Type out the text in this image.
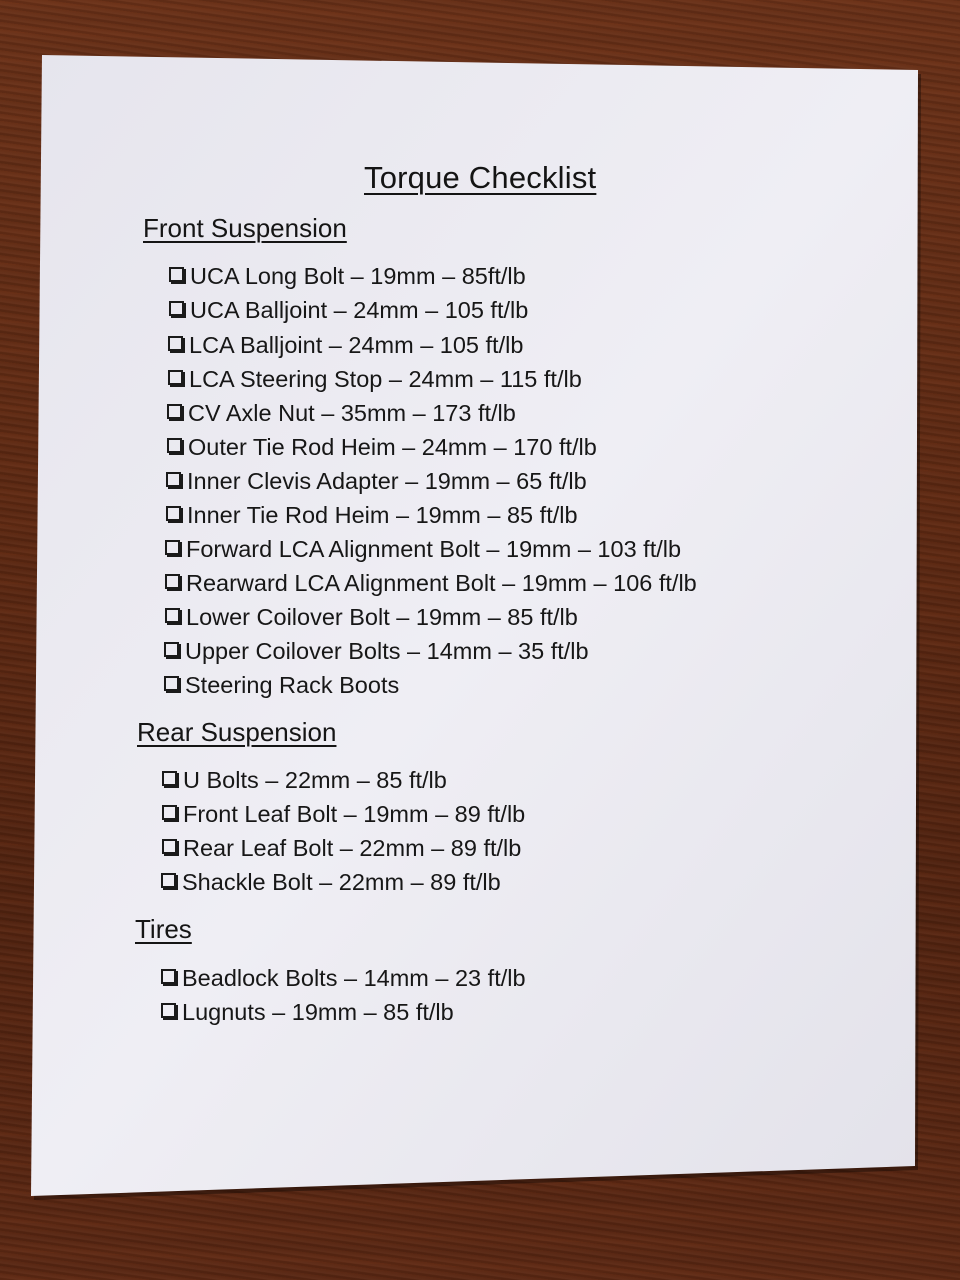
Torque Checklist
Front Suspension
UCA Long Bolt – 19mm – 85ft/lb
UCA Balljoint – 24mm – 105 ft/lb
LCA Balljoint – 24mm – 105 ft/lb
LCA Steering Stop – 24mm – 115 ft/lb
CV Axle Nut – 35mm – 173 ft/lb
Outer Tie Rod Heim – 24mm – 170 ft/lb
Inner Clevis Adapter – 19mm – 65 ft/lb
Inner Tie Rod Heim – 19mm – 85 ft/lb
Forward LCA Alignment Bolt – 19mm – 103 ft/lb
Rearward LCA Alignment Bolt – 19mm – 106 ft/lb
Lower Coilover Bolt – 19mm – 85 ft/lb
Upper Coilover Bolts – 14mm – 35 ft/lb
Steering Rack Boots
Rear Suspension
U Bolts – 22mm – 85 ft/lb
Front Leaf Bolt – 19mm – 89 ft/lb
Rear Leaf Bolt – 22mm – 89 ft/lb
Shackle Bolt – 22mm – 89 ft/lb
Tires
Beadlock Bolts – 14mm – 23 ft/lb
Lugnuts – 19mm – 85 ft/lb
